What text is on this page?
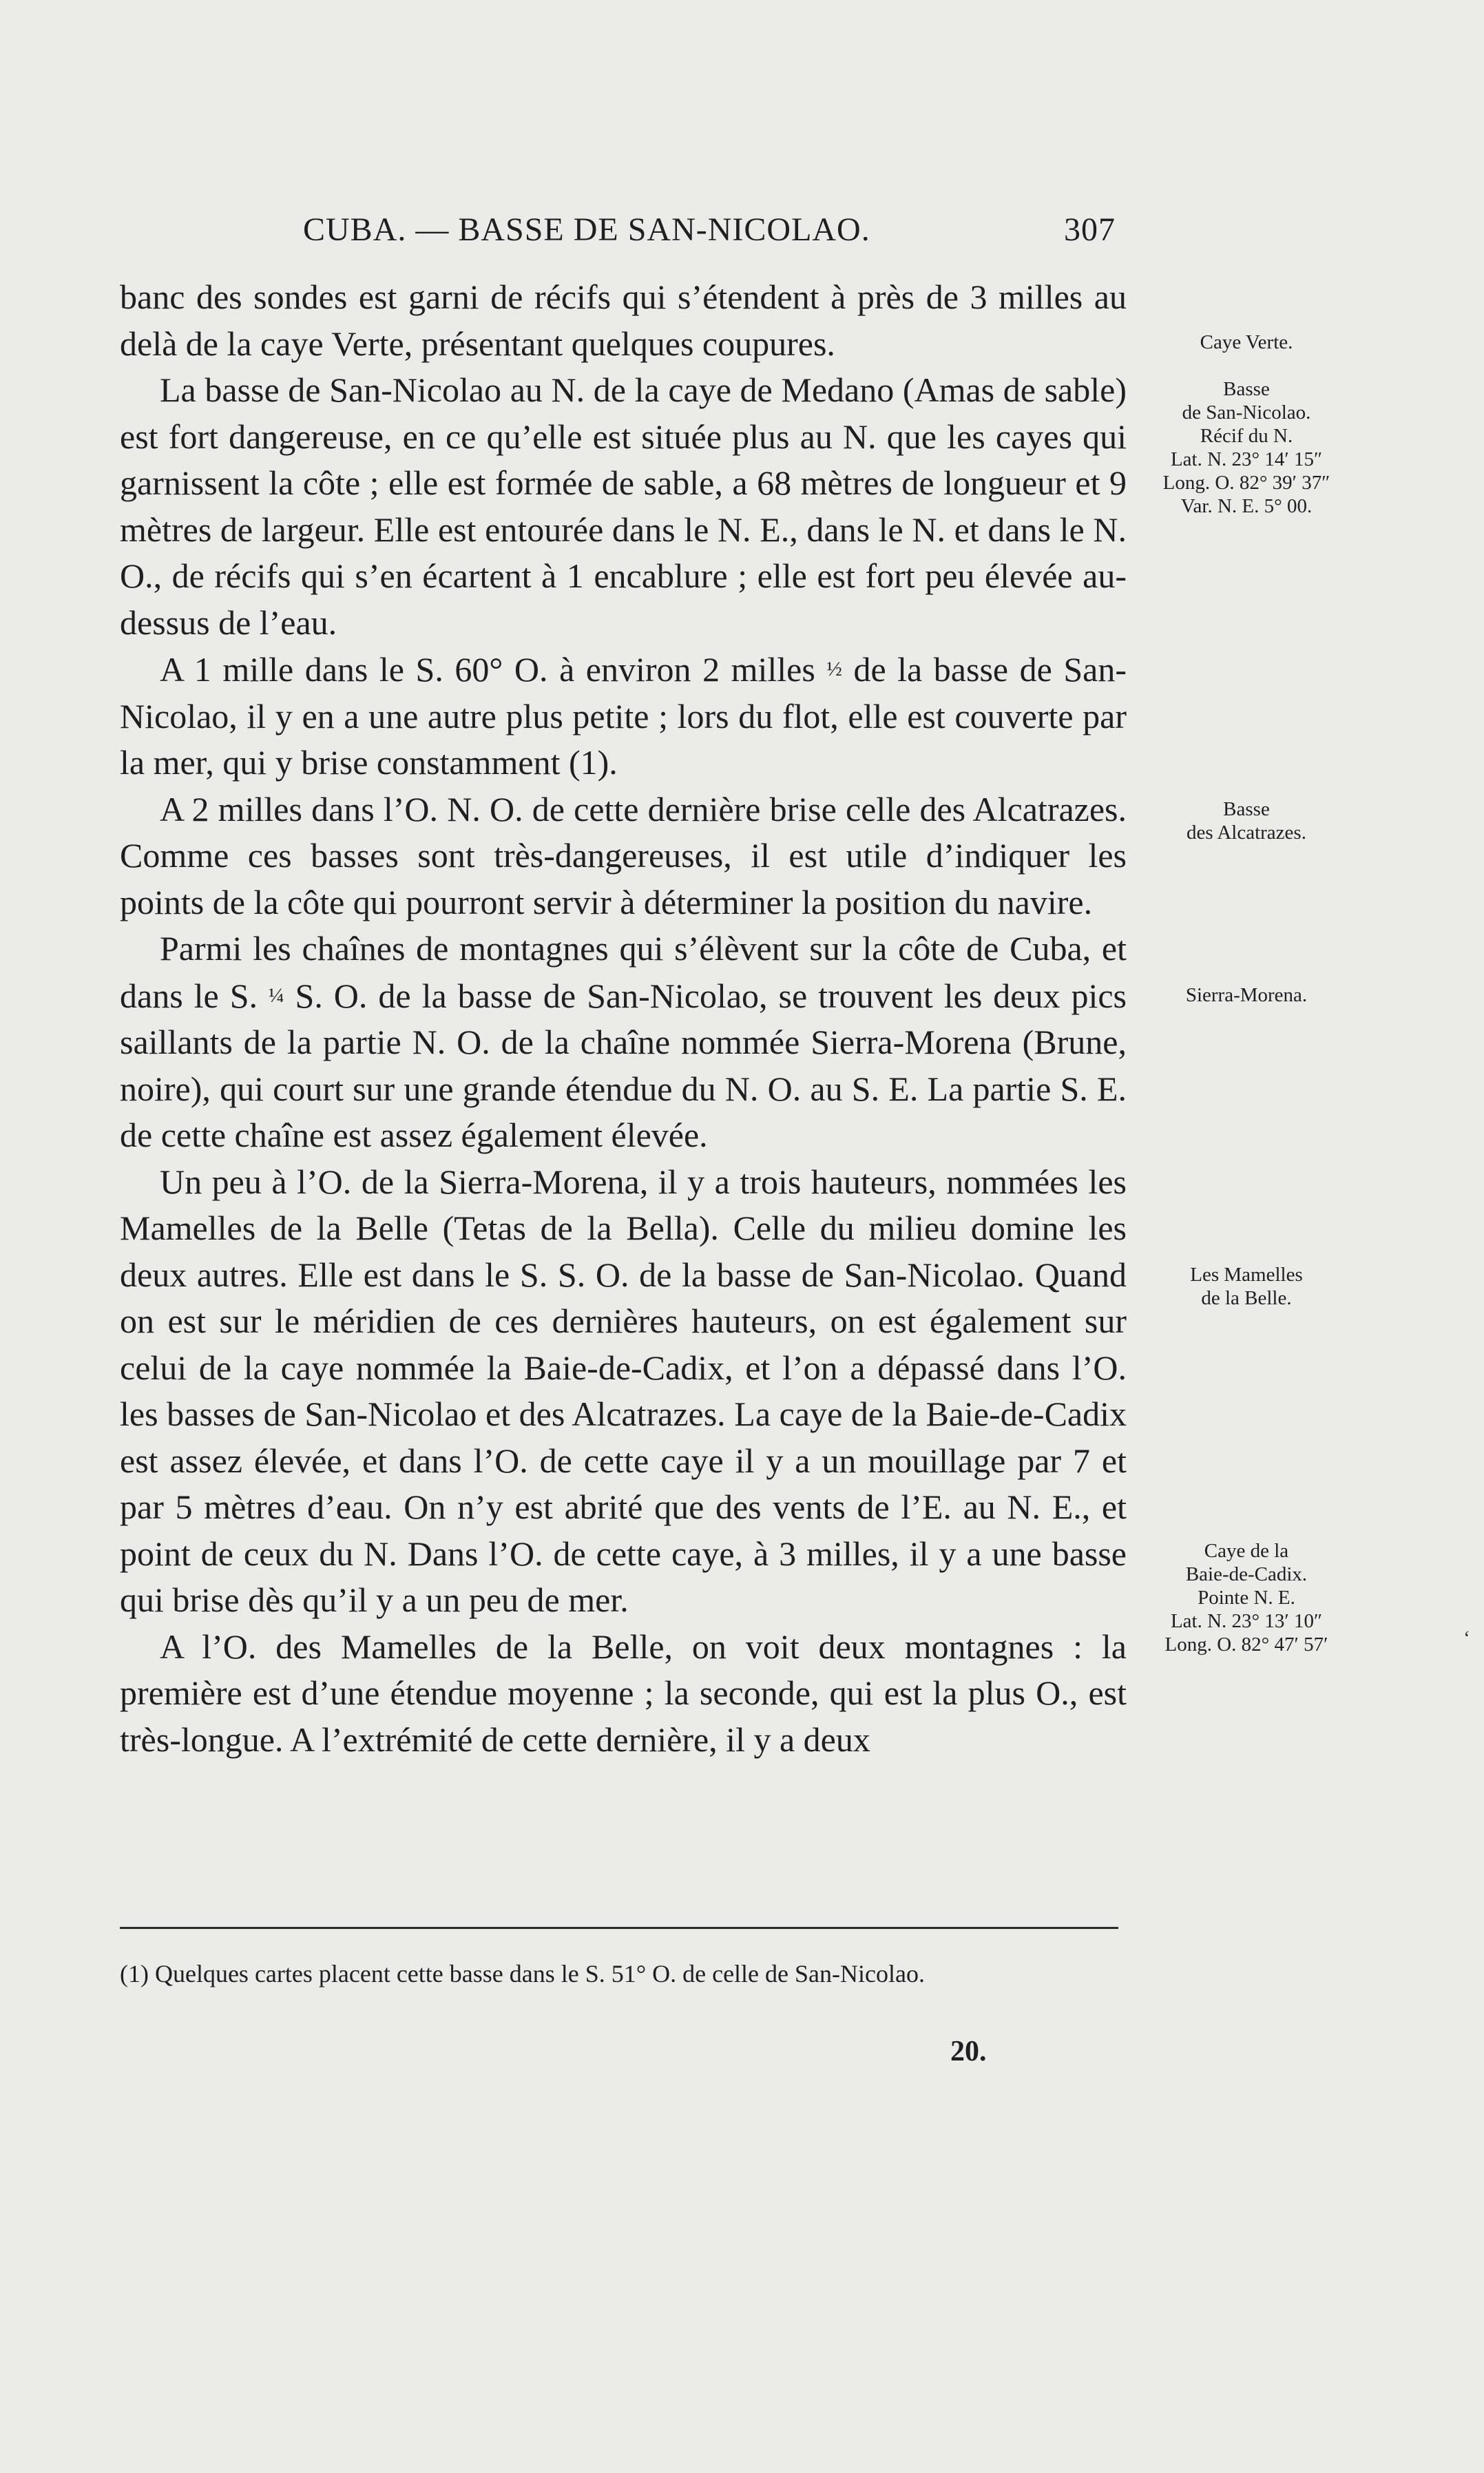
CUBA. — BASSE DE SAN-NICOLAO.	307

banc des sondes est garni de récifs qui s’étendent à près de 3 milles au delà de la caye Verte, présentant quelques coupures.

La basse de San-Nicolao au N. de la caye de Medano (Amas de sable) est fort dangereuse, en ce qu’elle est située plus au N. que les cayes qui garnissent la côte ; elle est formée de sable, a 68 mètres de longueur et 9 mètres de largeur. Elle est entourée dans le N. E., dans le N. et dans le N. O., de récifs qui s’en écartent à 1 encablure ; elle est fort peu élevée au-dessus de l’eau.

A 1 mille dans le S. 60° O. à environ 2 milles ½ de la basse de San-Nicolao, il y en a une autre plus petite ; lors du flot, elle est couverte par la mer, qui y brise constamment (1).

A 2 milles dans l’O. N. O. de cette dernière brise celle des Alcatrazes. Comme ces basses sont très-dangereuses, il est utile d’indiquer les points de la côte qui pourront servir à déterminer la position du navire.

Parmi les chaînes de montagnes qui s’élèvent sur la côte de Cuba, et dans le S. ¼ S. O. de la basse de San-Nicolao, se trouvent les deux pics saillants de la partie N. O. de la chaîne nommée Sierra-Morena (Brune, noire), qui court sur une grande étendue du N. O. au S. E. La partie S. E. de cette chaîne est assez également élevée.

Un peu à l’O. de la Sierra-Morena, il y a trois hauteurs, nommées les Mamelles de la Belle (Tetas de la Bella). Celle du milieu domine les deux autres. Elle est dans le S. S. O. de la basse de San-Nicolao. Quand on est sur le méridien de ces dernières hauteurs, on est également sur celui de la caye nommée la Baie-de-Cadix, et l’on a dépassé dans l’O. les basses de San-Nicolao et des Alcatrazes. La caye de la Baie-de-Cadix est assez élevée, et dans l’O. de cette caye il y a un mouillage par 7 et par 5 mètres d’eau. On n’y est abrité que des vents de l’E. au N. E., et point de ceux du N. Dans l’O. de cette caye, à 3 milles, il y a une basse qui brise dès qu’il y a un peu de mer.

A l’O. des Mamelles de la Belle, on voit deux montagnes : la première est d’une étendue moyenne ; la seconde, qui est la plus O., est très-longue. A l’extrémité de cette dernière, il y a deux

Caye Verte.
Basse
de San-Nicolao.
Récif du N.
Lat. N. 23° 14′ 15″
Long. O. 82° 39′ 37″
Var. N. E. 5° 00.
Basse
des Alcatrazes.
Sierra-Morena.
Les Mamelles
de la Belle.
Caye de la
Baie-de-Cadix.
Pointe N. E.
Lat. N. 23° 13′ 10″
Long. O. 82° 47′ 57′
(1) Quelques cartes placent cette basse dans le S. 51° O. de celle de San-Nicolao.
20.
‘
